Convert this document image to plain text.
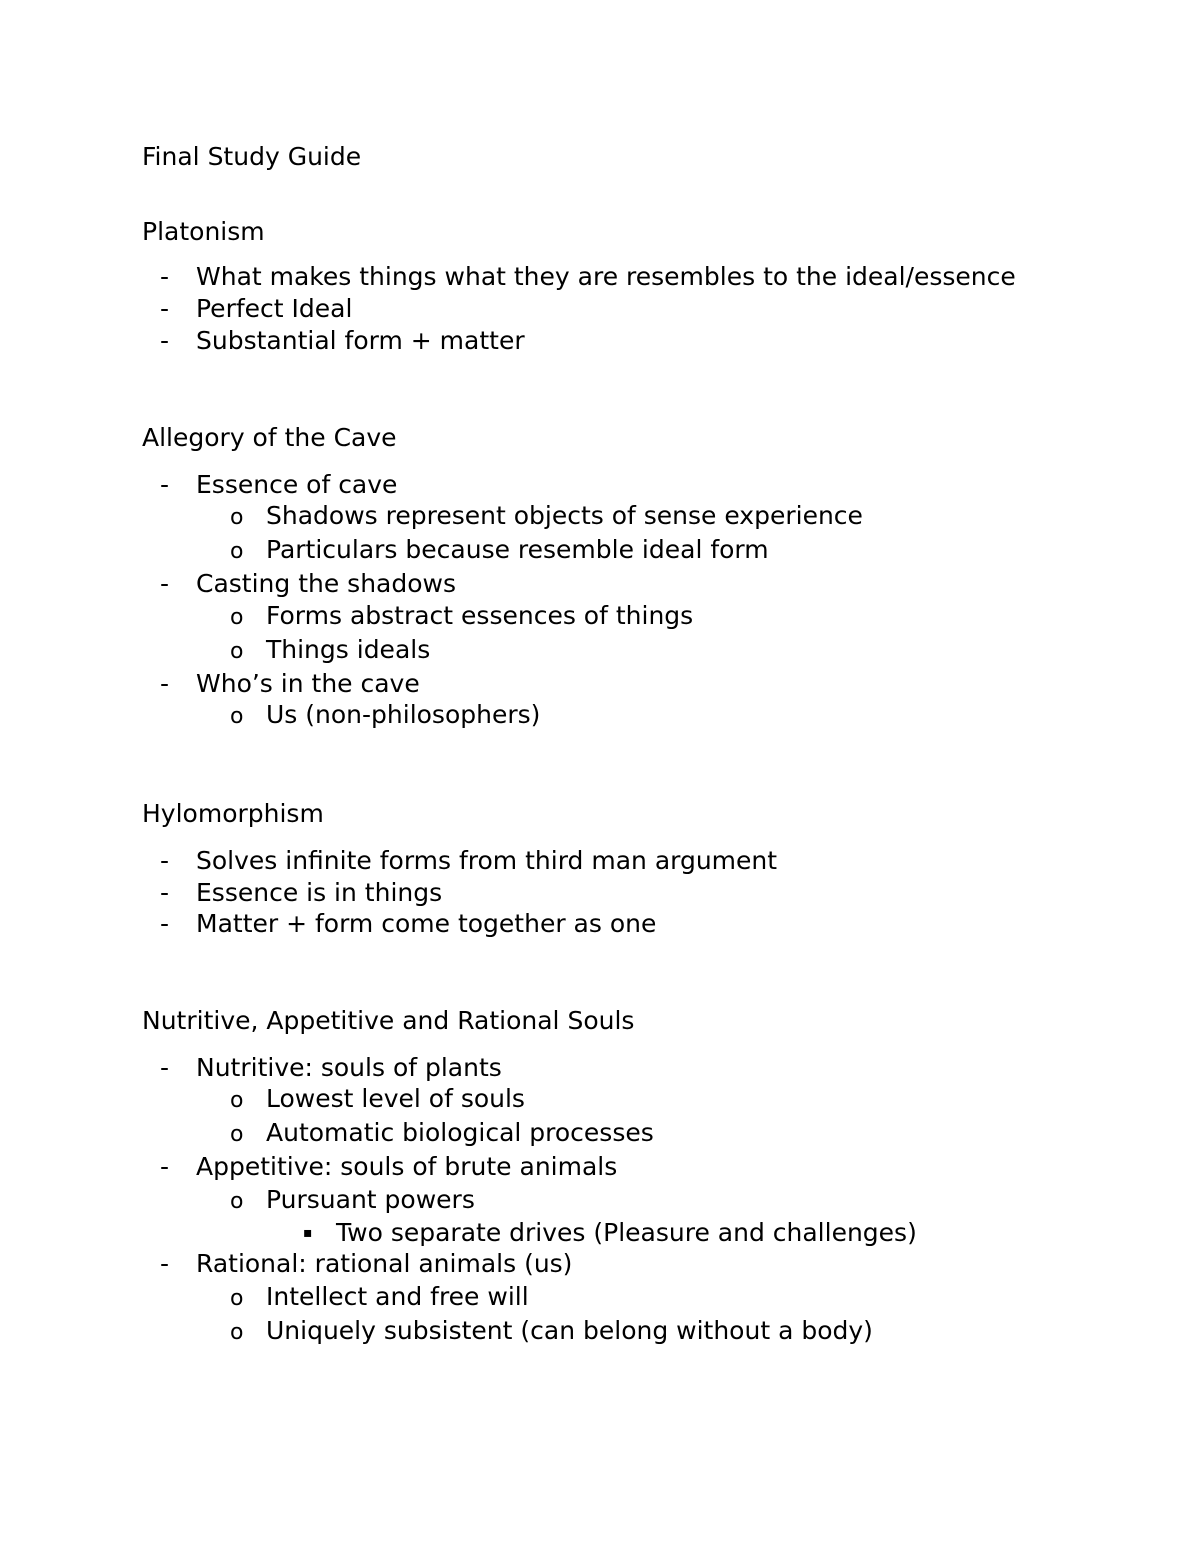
Final Study Guide
Platonism
- What makes things what they are resembles to the ideal/essence
- Perfect Ideal
- Substantial form + matter
Allegory of the Cave
- Essence of cave
o Shadows represent objects of sense experience
o Particulars because resemble ideal form
- Casting the shadows
o Forms abstract essences of things
o Things ideals
- Who’s in the cave
o Us (non-philosophers)
Hylomorphism
- Solves infinite forms from third man argument
- Essence is in things
- Matter + form come together as one
Nutritive, Appetitive and Rational Souls
- Nutritive: souls of plants
o Lowest level of souls
o Automatic biological processes
- Appetitive: souls of brute animals
o Pursuant powers
▪ Two separate drives (Pleasure and challenges)
- Rational: rational animals (us)
o Intellect and free will
o Uniquely subsistent (can belong without a body)
